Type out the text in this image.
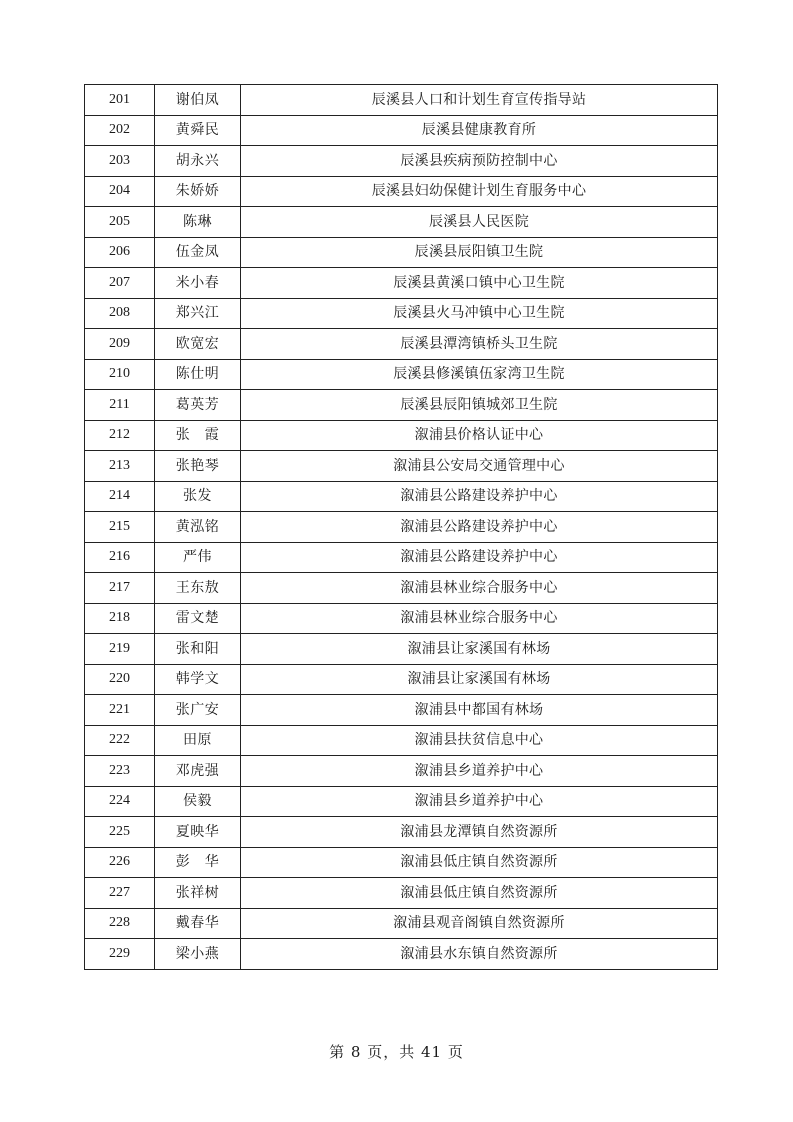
201	谢伯凤	辰溪县人口和计划生育宣传指导站
202	黄舜民	辰溪县健康教育所
203	胡永兴	辰溪县疾病预防控制中心
204	朱娇娇	辰溪县妇幼保健计划生育服务中心
205	陈琳	辰溪县人民医院
206	伍金凤	辰溪县辰阳镇卫生院
207	米小春	辰溪县黄溪口镇中心卫生院
208	郑兴江	辰溪县火马冲镇中心卫生院
209	欧宽宏	辰溪县潭湾镇桥头卫生院
210	陈仕明	辰溪县修溪镇伍家湾卫生院
211	葛英芳	辰溪县辰阳镇城郊卫生院
212	张　霞	溆浦县价格认证中心
213	张艳琴	溆浦县公安局交通管理中心
214	张发	溆浦县公路建设养护中心
215	黄泓铭	溆浦县公路建设养护中心
216	严伟	溆浦县公路建设养护中心
217	王东敖	溆浦县林业综合服务中心
218	雷文楚	溆浦县林业综合服务中心
219	张和阳	溆浦县让家溪国有林场
220	韩学文	溆浦县让家溪国有林场
221	张广安	溆浦县中都国有林场
222	田原	溆浦县扶贫信息中心
223	邓虎强	溆浦县乡道养护中心
224	侯毅	溆浦县乡道养护中心
225	夏映华	溆浦县龙潭镇自然资源所
226	彭　华	溆浦县低庄镇自然资源所
227	张祥树	溆浦县低庄镇自然资源所
228	戴春华	溆浦县观音阁镇自然资源所
229	梁小燕	溆浦县水东镇自然资源所
第 8 页，共 41 页
